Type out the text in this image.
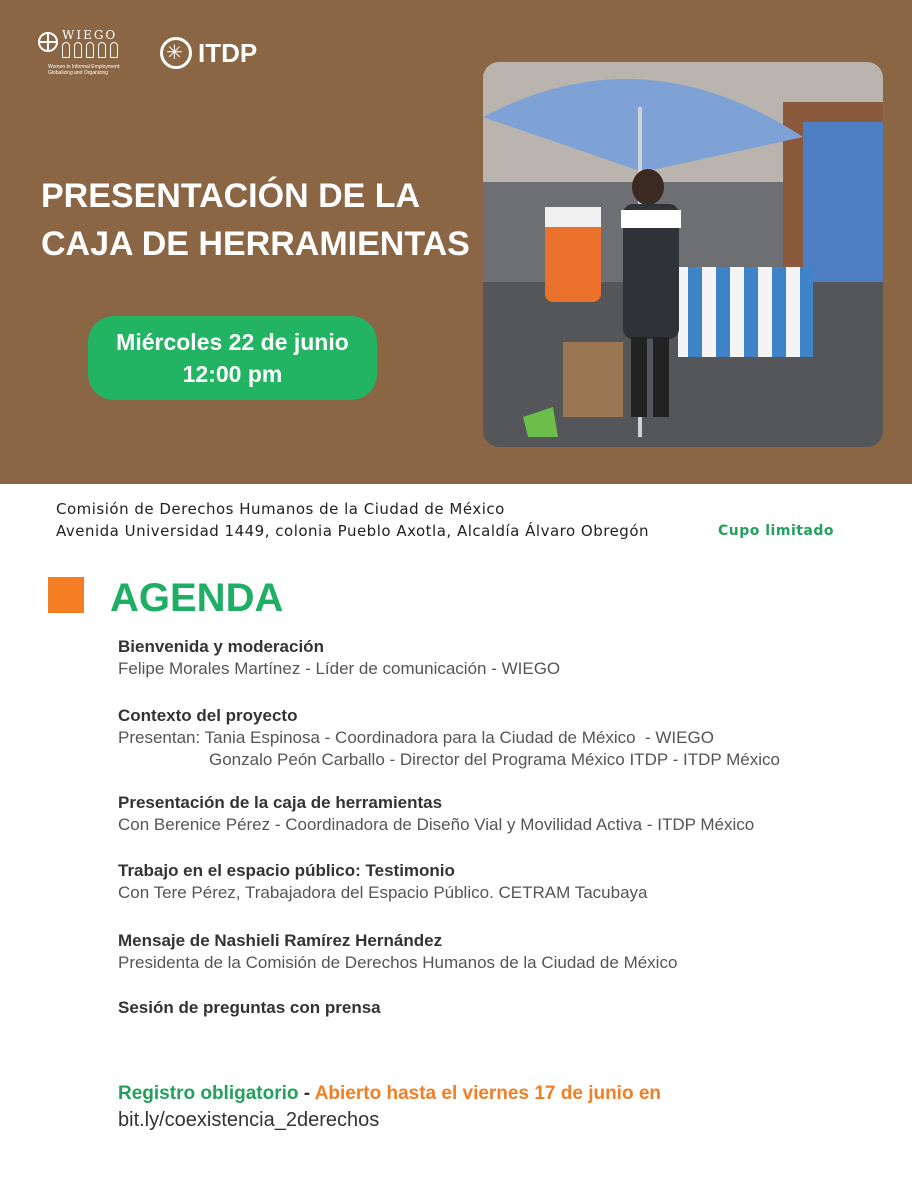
WIEGO
Women in Informal Employment: Globalizing and Organizing
✳
ITDP
PRESENTACIÓN DE LA
CAJA DE HERRAMIENTAS
Miércoles 22 de junio
12:00 pm
Comisión de Derechos Humanos de la Ciudad de México
Avenida Universidad 1449, colonia Pueblo Axotla, Alcaldía Álvaro Obregón	Cupo limitado
AGENDA
Bienvenida y moderación
Felipe Morales Martínez - Líder de comunicación - WIEGO
Contexto del proyecto
Presentan: Tania Espinosa - Coordinadora para la Ciudad de México  - WIEGO
Gonzalo Peón Carballo - Director del Programa México ITDP - ITDP México
Presentación de la caja de herramientas
Con Berenice Pérez - Coordinadora de Diseño Vial y Movilidad Activa - ITDP México
Trabajo en el espacio público: Testimonio
Con Tere Pérez, Trabajadora del Espacio Público. CETRAM Tacubaya
Mensaje de Nashieli Ramírez Hernández
Presidenta de la Comisión de Derechos Humanos de la Ciudad de México
Sesión de preguntas con prensa
Registro obligatorio - Abierto hasta el viernes 17 de junio en
bit.ly/coexistencia_2derechos
